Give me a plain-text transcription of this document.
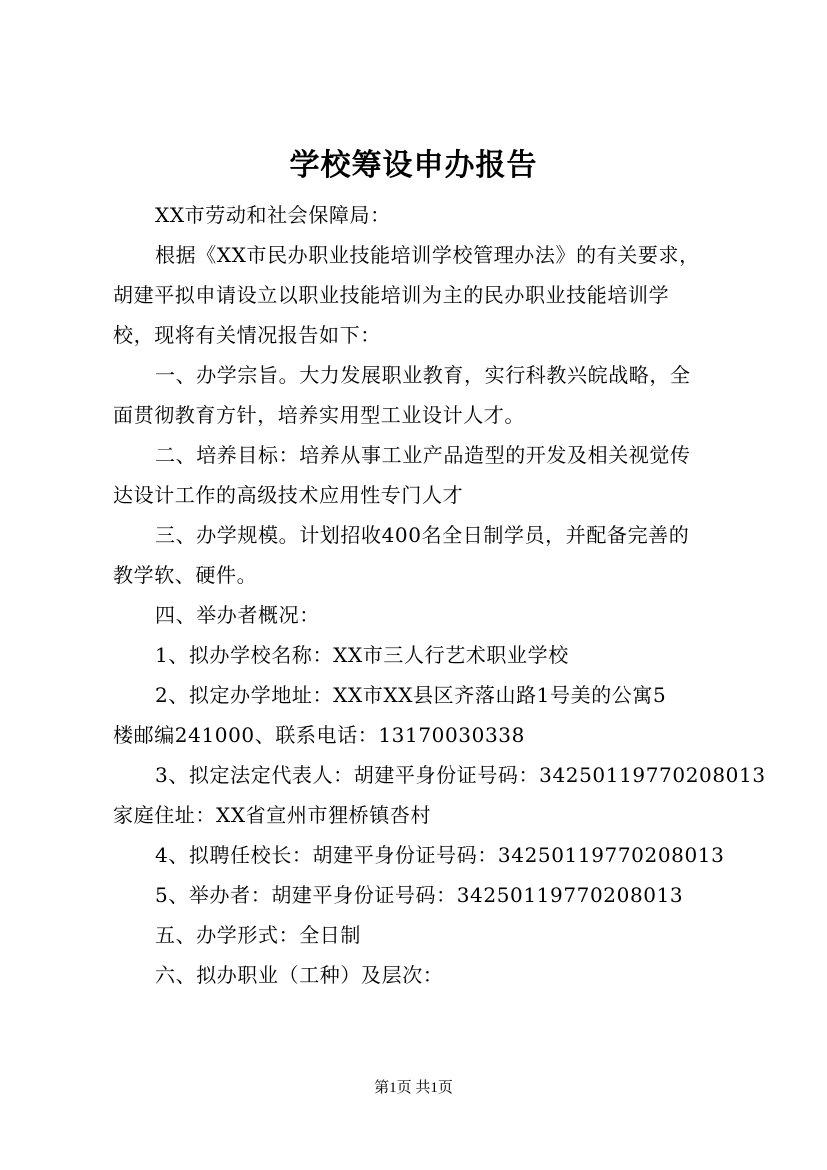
学校筹设申办报告
XX市劳动和社会保障局：
根据《XX市民办职业技能培训学校管理办法》的有关要求，
胡建平拟申请设立以职业技能培训为主的民办职业技能培训学
校，现将有关情况报告如下：
一、办学宗旨。大力发展职业教育，实行科教兴皖战略，全
面贯彻教育方针，培养实用型工业设计人才。
二、培养目标：培养从事工业产品造型的开发及相关视觉传
达设计工作的高级技术应用性专门人才
三、办学规模。计划招收400名全日制学员，并配备完善的
教学软、硬件。
四、举办者概况：
1、拟办学校名称：XX市三人行艺术职业学校
2、拟定办学地址：XX市XX县区齐落山路1号美的公寓5
楼邮编241000、联系电话：13170030338
3、拟定法定代表人：胡建平身份证号码：34250119770208013
家庭住址：XX省宣州市狸桥镇呇村
4、拟聘任校长：胡建平身份证号码：34250119770208013
5、举办者：胡建平身份证号码：34250119770208013
五、办学形式：全日制
六、拟办职业（工种）及层次：
第1页 共1页
